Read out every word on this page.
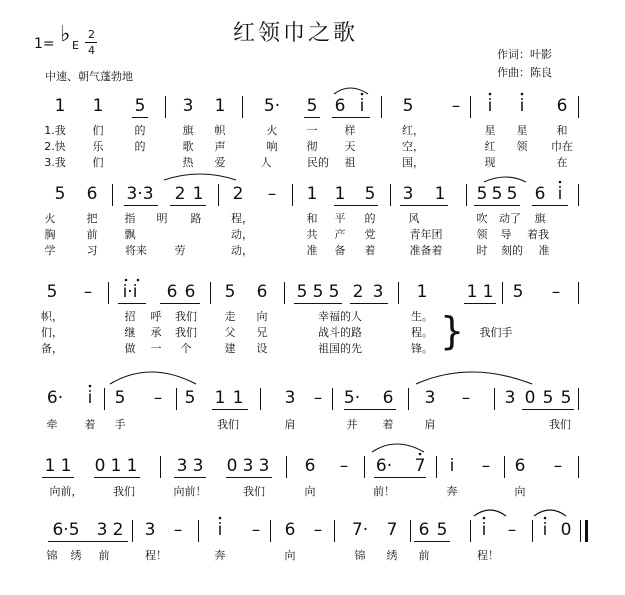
红领巾之歌
1= ♭ E
2
4
中速、朝气蓬勃地
作词：叶影
作曲：陈良
1 1 5 3 1 5· 5 6 i 5 – i i 6
1.我 们	的	旗 帜	火	一 样	红，	星 星	和
2.快 乐	的	歌 声	响	彻 天	空，	红 领 巾在
3.我 们	热 爱	人	民的 祖	国，	现	在
5 6 3·3 2 1 2 – 1 1 5 3 1 5 5 5 6 i
火	把 指 明 路	程，	和 平 的	风	吹 动了 旗
胸	前 飘	动，	共 产 党	青年团	领 导 着我
学	习	将来	劳	动，	准 备 着	准备着	时 刻的 准
5 – i·i 6 6 5 6 5 5 5 2 3 1 1 1 5 –
帜，	招 呼 我们	走 向	幸福的人	生。
们，	继 承 我们	父 兄	战斗的路	程。
备，	做 一 个	建 设	祖国的先	锋。 } 我们手
6· i 5 – 5 1 1 3 – 5· 6 3 – 3 0 5 5
牵 着 手	我们	肩	并 着	肩	我们
1 1 0 1 1 3 3 0 3 3 6 – 6· 7 i – 6 –
向前，	我们	向前！	我们	向	前！	奔	向
6·5 3 2 3 – i – 6 – 7· 7 6 5 i – i 0
锦 绣 前	程！	奔	向	锦 绣 前	程！
